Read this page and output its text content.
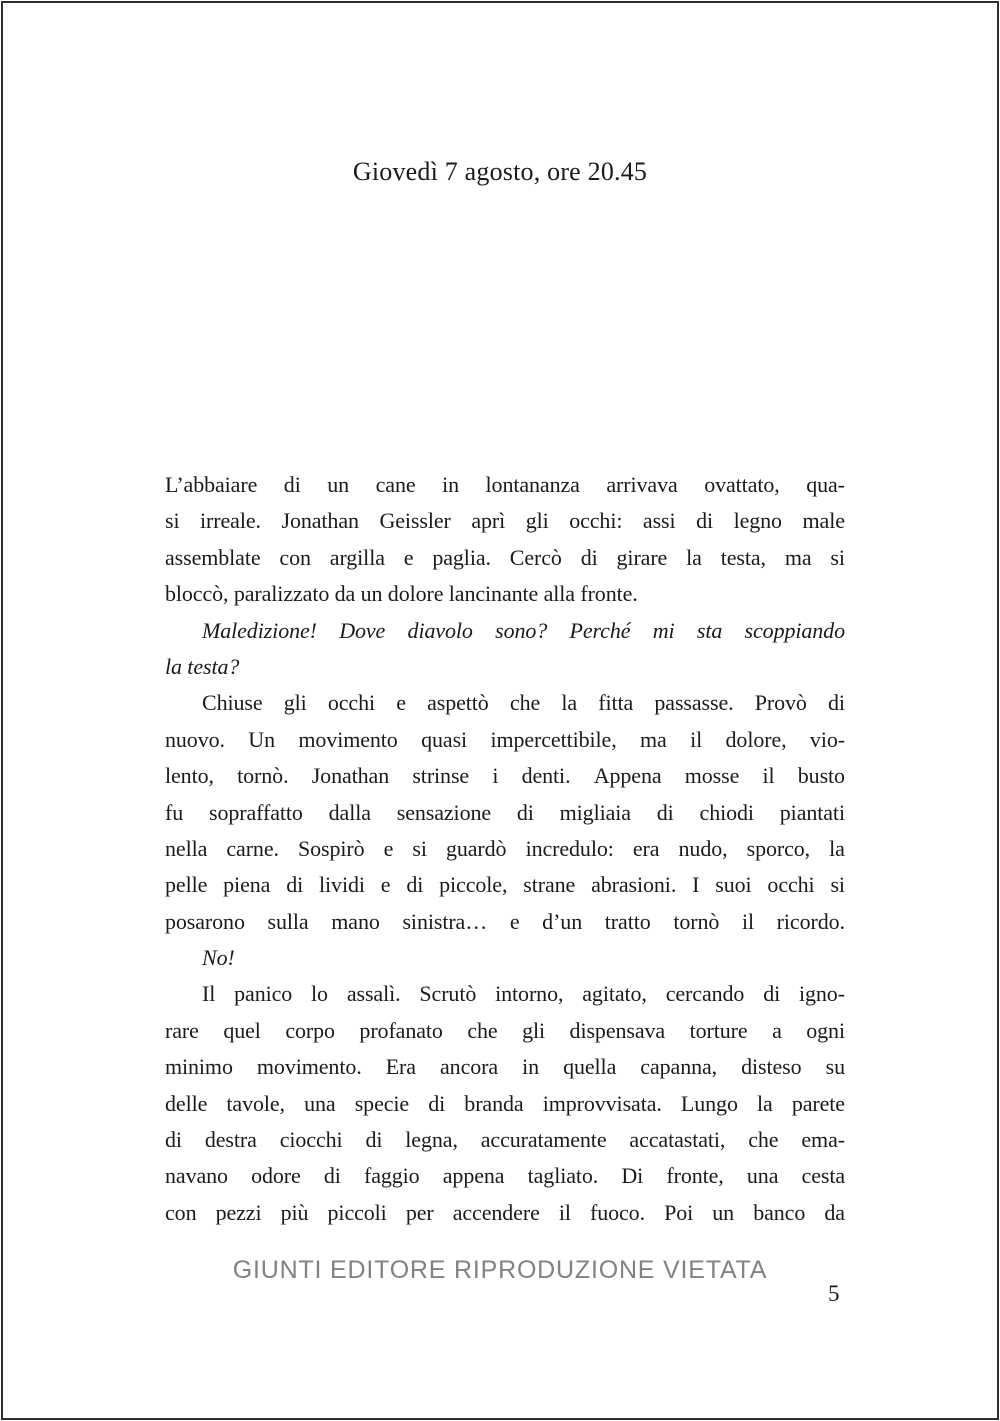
Giovedì 7 agosto, ore 20.45
L’abbaiare di un cane in lontananza arrivava ovattato, qua-
si irreale. Jonathan Geissler aprì gli occhi: assi di legno male
assemblate con argilla e paglia. Cercò di girare la testa, ma si
bloccò, paralizzato da un dolore lancinante alla fronte.
Maledizione! Dove diavolo sono? Perché mi sta scoppiando
la testa?
Chiuse gli occhi e aspettò che la fitta passasse. Provò di
nuovo. Un movimento quasi impercettibile, ma il dolore, vio-
lento, tornò. Jonathan strinse i denti. Appena mosse il busto
fu sopraffatto dalla sensazione di migliaia di chiodi piantati
nella carne. Sospirò e si guardò incredulo: era nudo, sporco, la
pelle piena di lividi e di piccole, strane abrasioni. I suoi occhi si
posarono sulla mano sinistra… e d’un tratto tornò il ricordo.
No!
Il panico lo assalì. Scrutò intorno, agitato, cercando di igno-
rare quel corpo profanato che gli dispensava torture a ogni
minimo movimento. Era ancora in quella capanna, disteso su
delle tavole, una specie di branda improvvisata. Lungo la parete
di destra ciocchi di legna, accuratamente accatastati, che ema-
navano odore di faggio appena tagliato. Di fronte, una cesta
con pezzi più piccoli per accendere il fuoco. Poi un banco da
GIUNTI EDITORE RIPRODUZIONE VIETATA
5
